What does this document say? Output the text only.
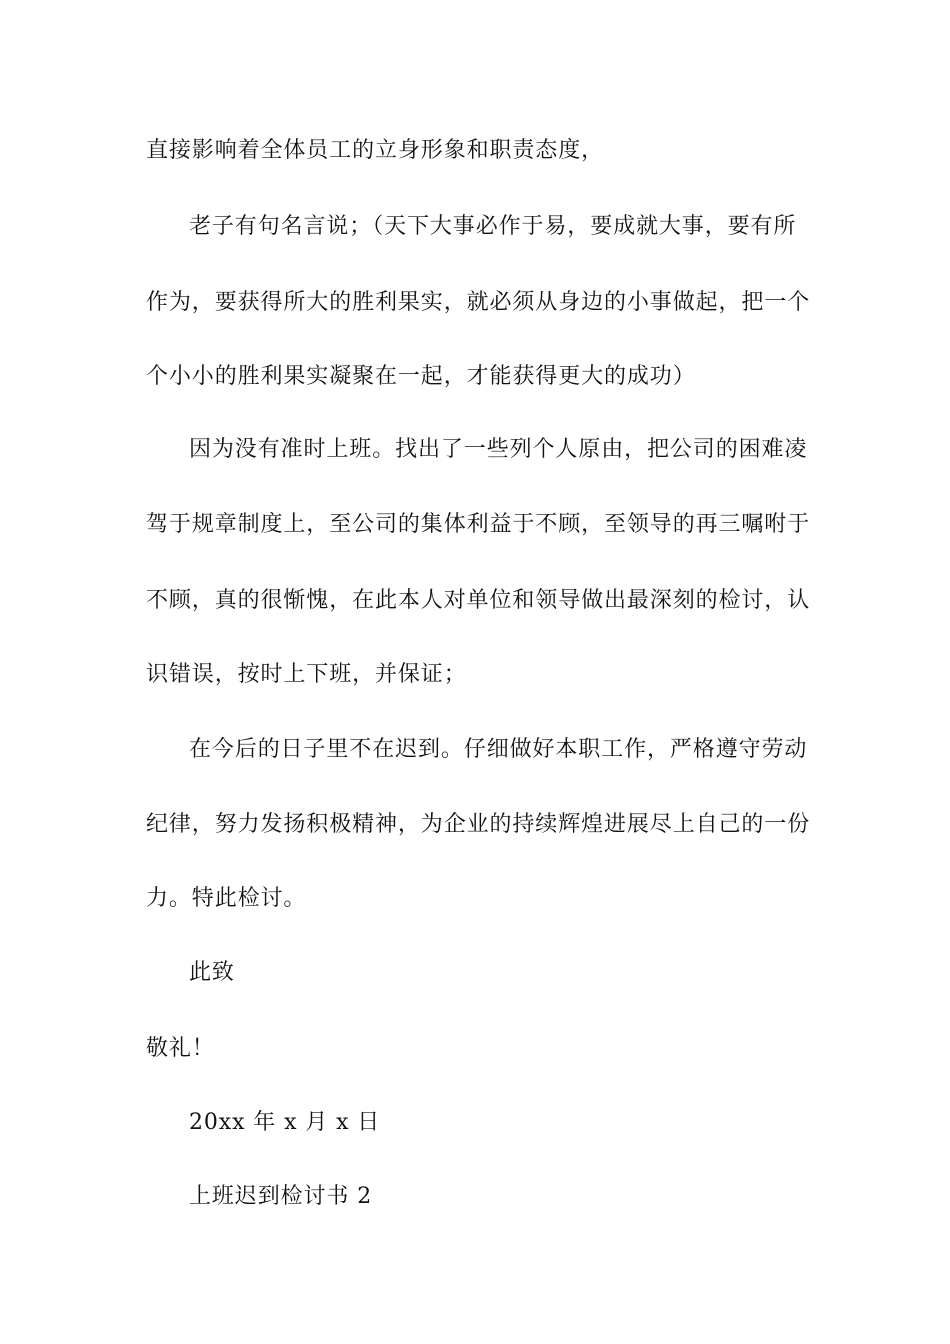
直接影响着全体员工的立身形象和职责态度，
老子有句名言说；（天下大事必作于易，要成就大事，要有所
作为，要获得所大的胜利果实，就必须从身边的小事做起，把一个
个小小的胜利果实凝聚在一起，才能获得更大的成功）
因为没有准时上班。找出了一些列个人原由，把公司的困难凌
驾于规章制度上，至公司的集体利益于不顾，至领导的再三嘱咐于
不顾，真的很惭愧，在此本人对单位和领导做出最深刻的检讨，认
识错误，按时上下班，并保证；
在今后的日子里不在迟到。仔细做好本职工作，严格遵守劳动
纪律，努力发扬积极精神，为企业的持续辉煌进展尽上自己的一份
力。特此检讨。
此致
敬礼！
20xx 年 x 月 x 日
上班迟到检讨书 2
